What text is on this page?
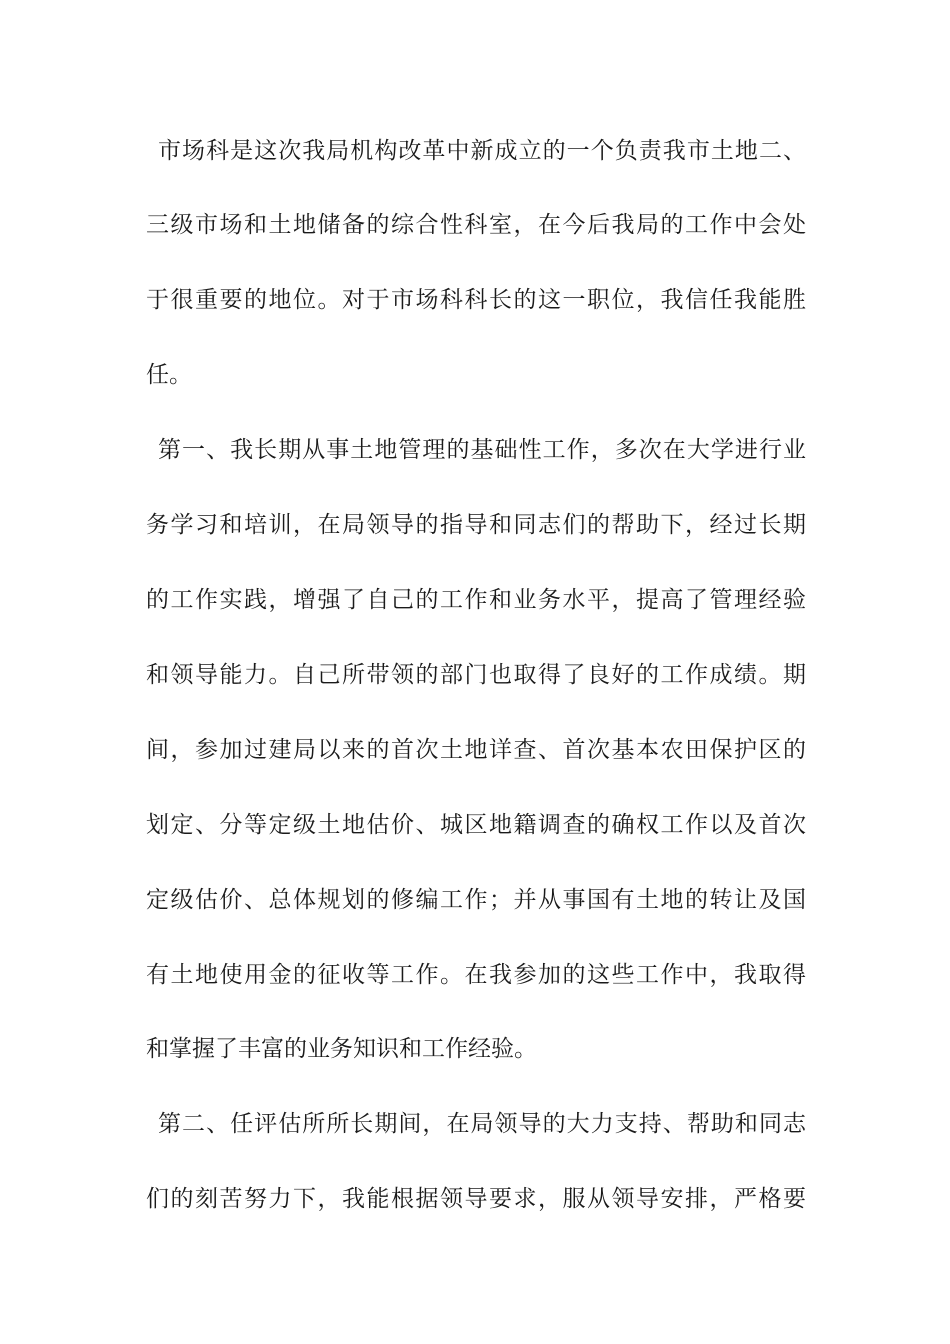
市场科是这次我局机构改革中新成立的一个负责我市土地二、
三级市场和土地储备的综合性科室，在今后我局的工作中会处
于很重要的地位。对于市场科科长的这一职位，我信任我能胜
任。
第一、我长期从事土地管理的基础性工作，多次在大学进行业
务学习和培训，在局领导的指导和同志们的帮助下，经过长期
的工作实践，增强了自己的工作和业务水平，提高了管理经验
和领导能力。自己所带领的部门也取得了良好的工作成绩。期
间，参加过建局以来的首次土地详查、首次基本农田保护区的
划定、分等定级土地估价、城区地籍调查的确权工作以及首次
定级估价、总体规划的修编工作；并从事国有土地的转让及国
有土地使用金的征收等工作。在我参加的这些工作中，我取得
和掌握了丰富的业务知识和工作经验。
第二、任评估所所长期间，在局领导的大力支持、帮助和同志
们的刻苦努力下，我能根据领导要求，服从领导安排，严格要
